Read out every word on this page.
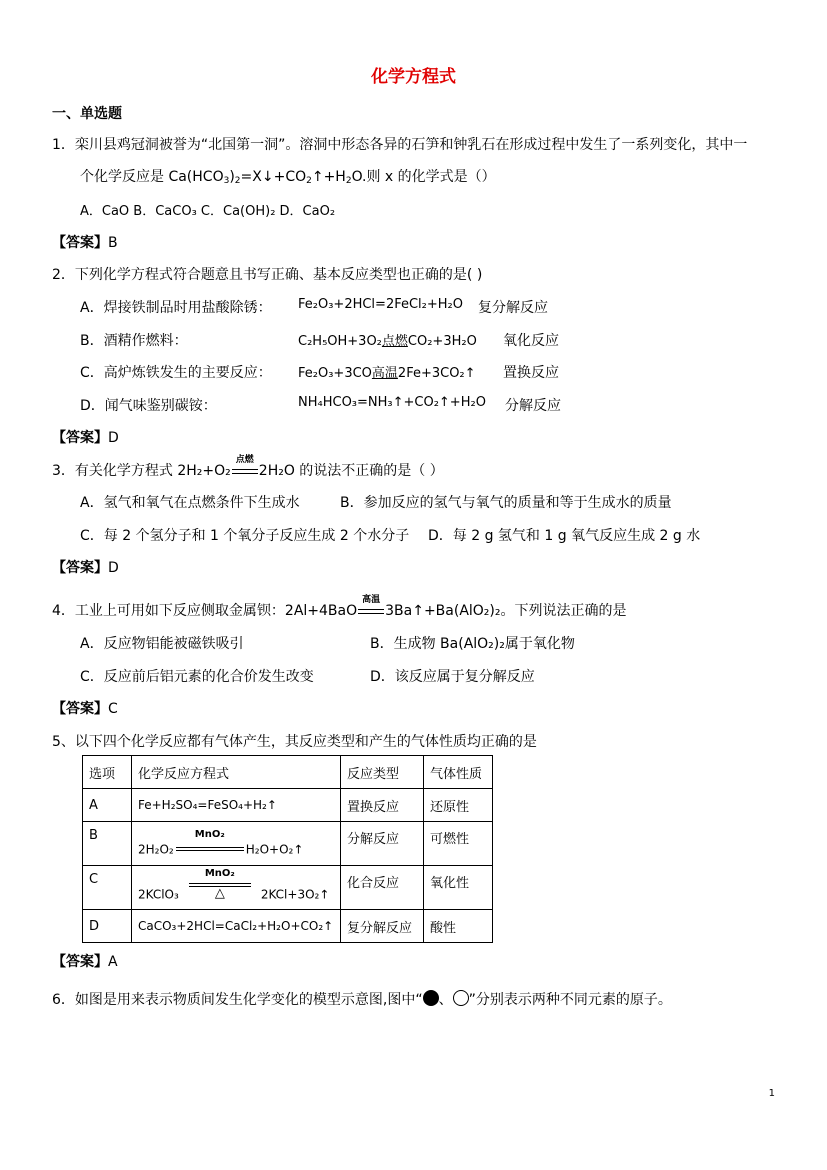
化学方程式
一、单选题
1．栾川县鸡冠洞被誉为“北国第一洞”。溶洞中形态各异的石笋和钟乳石在形成过程中发生了一系列变化，其中一
个化学反应是 $Ca(HCO_3)_2=X↓+CO_2↑+H_2O$.则 x 的化学式是（）
A．CaO B．CaCO₃ C．Ca(OH)₂ D．CaO₂
【答案】B
2．下列化学方程式符合题意且书写正确、基本反应类型也正确的是( )
A．焊接铁制品时用盐酸除锈： Fe₂O₃+2HCl=2FeCl₂+H₂O 复分解反应
B．酒精作燃料：	C₂H₅OH+3O₂点燃CO₂+3H₂O 氧化反应
C．高炉炼铁发生的主要反应： Fe₂O₃+3CO高温2Fe+3CO₂↑ 置换反应
D．闻气味鉴别碳铵：	NH₄HCO₃=NH₃↑+CO₂↑+H₂O 分解反应
【答案】D
3．有关化学方程式 2H₂+O₂
点燃
2H₂O 的说法不正确的是（ ）
A．氢气和氧气在点燃条件下生成水	B．参加反应的氢气与氧气的质量和等于生成水的质量
C．每 2 个氢分子和 1 个氧分子反应生成 2 个水分子 D．每 2 g 氢气和 1 g 氧气反应生成 2 g 水
【答案】D
4．工业上可用如下反应侧取金属钡：2Al+4BaO
高温
3Ba↑+Ba(AlO₂)₂。下列说法正确的是
A．反应物铝能被磁铁吸引	B．生成物 Ba(AlO₂)₂属于氧化物
C．反应前后铝元素的化合价发生改变	D．该反应属于复分解反应
【答案】C
5、以下四个化学反应都有气体产生，其反应类型和产生的气体性质均正确的是
选项	化学反应方程式	反应类型	气体性质
A	Fe+H₂SO₄=FeSO₄+H₂↑	置换反应	还原性
B	2H₂O₂
MnO₂
H₂O+O₂↑	分解反应	可燃性
C	2KClO₃
MnO₂
△ 2KCl+3O₂↑	化合反应	氧化性
D	CaCO₃+2HCl=CaCl₂+H₂O+CO₂↑	复分解反应	酸性
【答案】A
6．如图是用来表示物质间发生化学变化的模型示意图,图中“ 、 ”分别表示两种不同元素的原子。
1
